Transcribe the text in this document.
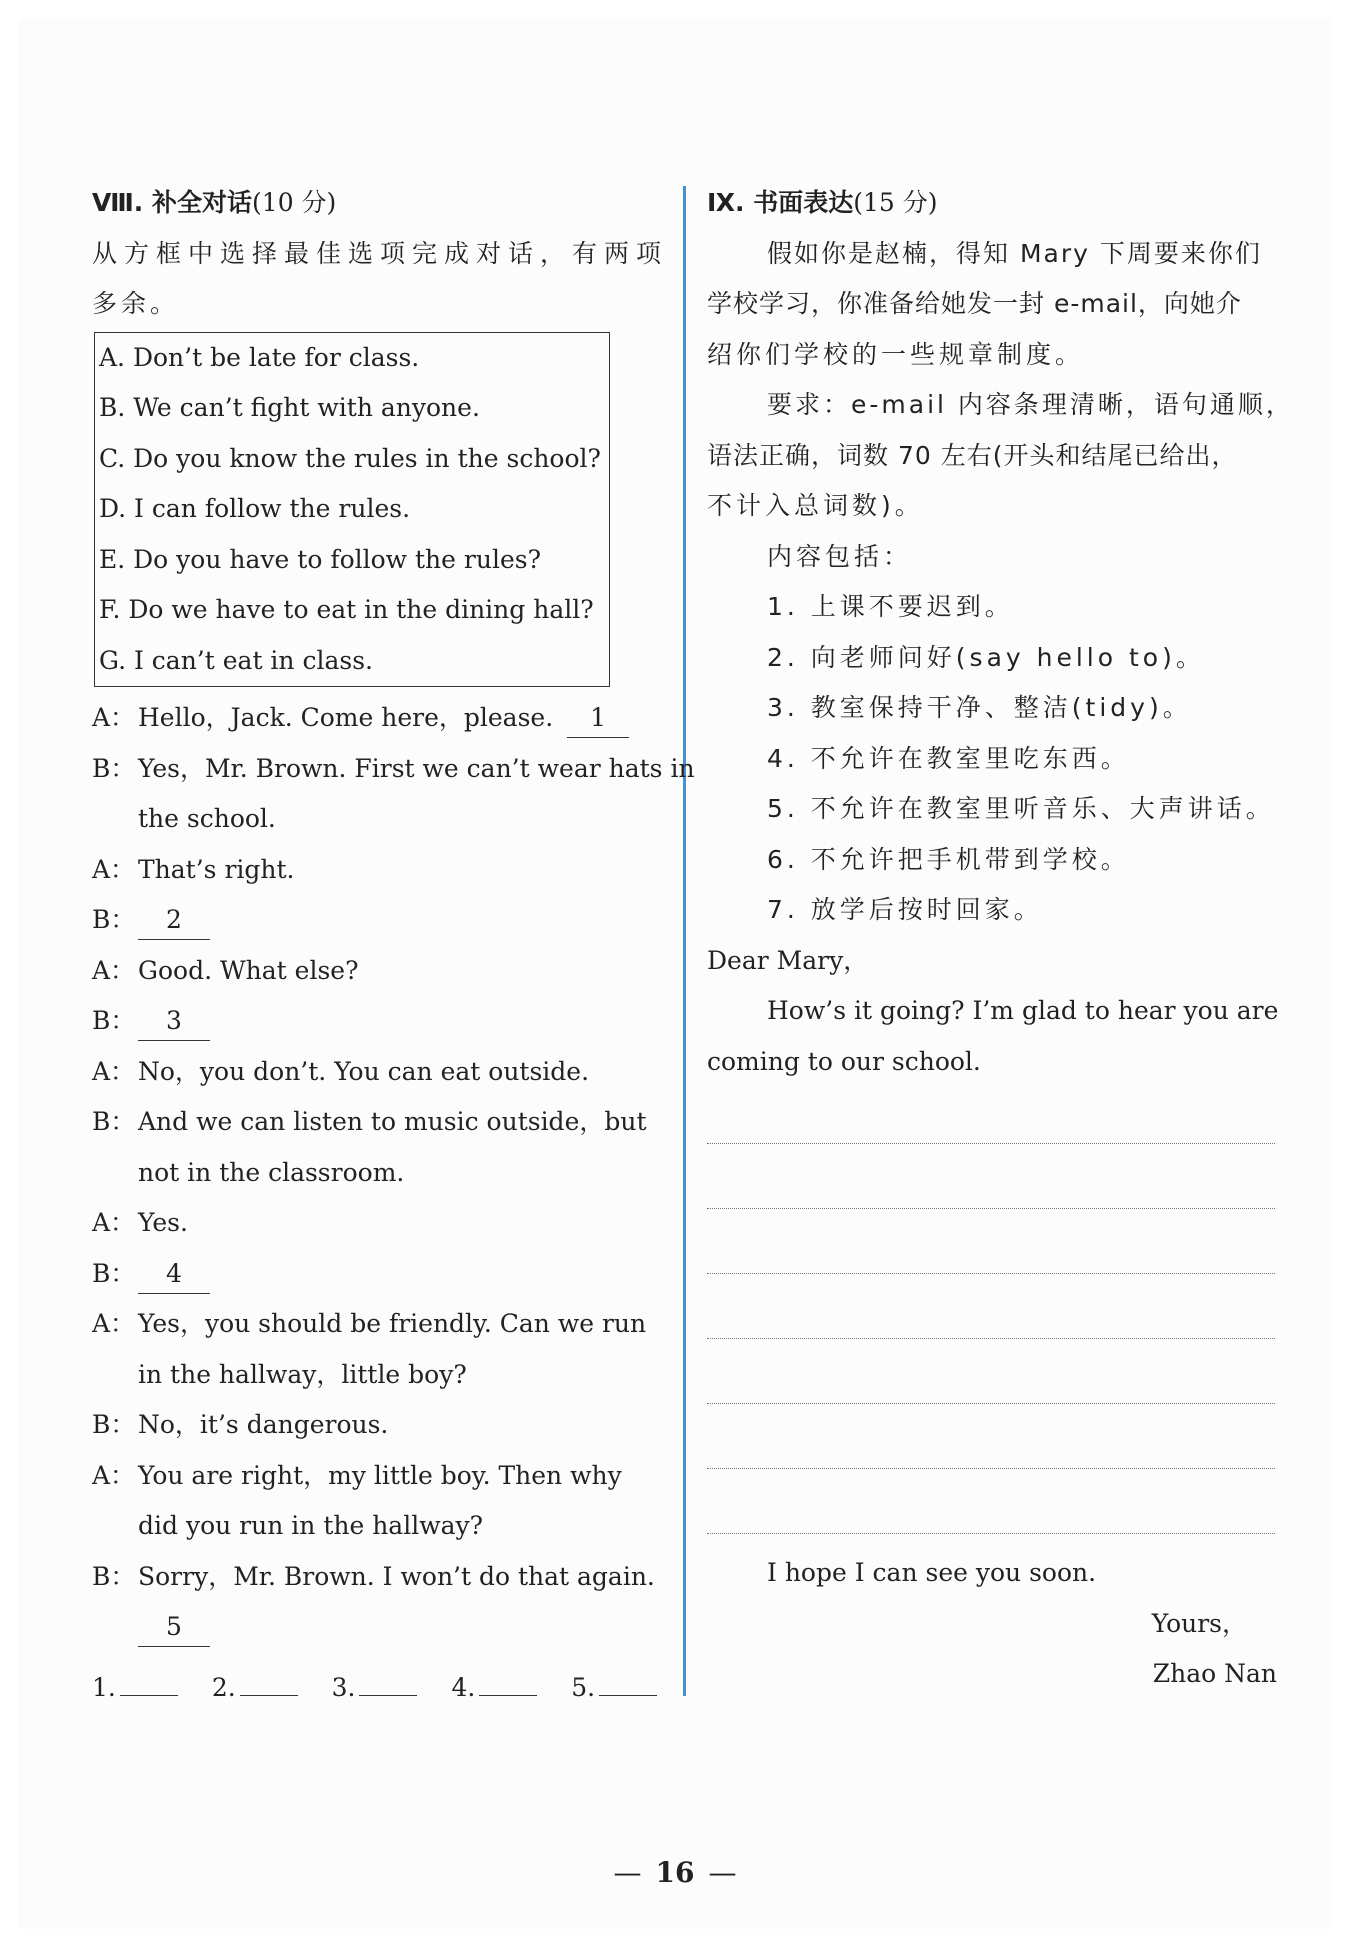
Ⅷ. 补全对话(10 分)
从方框中选择最佳选项完成对话，有两项
多余。
A. Don’t be late for class.
B. We can’t fight with anyone.
C. Do you know the rules in the school?
D. I can follow the rules.
E. Do you have to follow the rules?
F. Do we have to eat in the dining hall?
G. I can’t eat in class.
A： Hello，Jack. Come here，please. 1
B： Yes，Mr. Brown. First we can’t wear hats in
the school.
A： That’s right.
B： 2
A： Good. What else?
B： 3
A： No，you don’t. You can eat outside.
B： And we can listen to music outside，but
not in the classroom.
A： Yes.
B： 4
A： Yes，you should be friendly. Can we run
in the hallway，little boy?
B： No，it’s dangerous.
A： You are right，my little boy. Then why
did you run in the hallway?
B： Sorry，Mr. Brown. I won’t do that again.
5
1.	2.	3.	4.	5.
Ⅸ. 书面表达(15 分)
假如你是赵楠，得知 Mary 下周要来你们
学校学习，你准备给她发一封 e-mail，向她介
绍你们学校的一些规章制度。
要求：e-mail 内容条理清晰，语句通顺，
语法正确，词数 70 左右(开头和结尾已给出，
不计入总词数)。
内容包括：
1. 上课不要迟到。
2. 向老师问好(say hello to)。
3. 教室保持干净、整洁(tidy)。
4. 不允许在教室里吃东西。
5. 不允许在教室里听音乐、大声讲话。
6. 不允许把手机带到学校。
7. 放学后按时回家。
Dear Mary，
How’s it going? I’m glad to hear you are
coming to our school.
I hope I can see you soon.
Yours，
Zhao Nan
— 16 —
